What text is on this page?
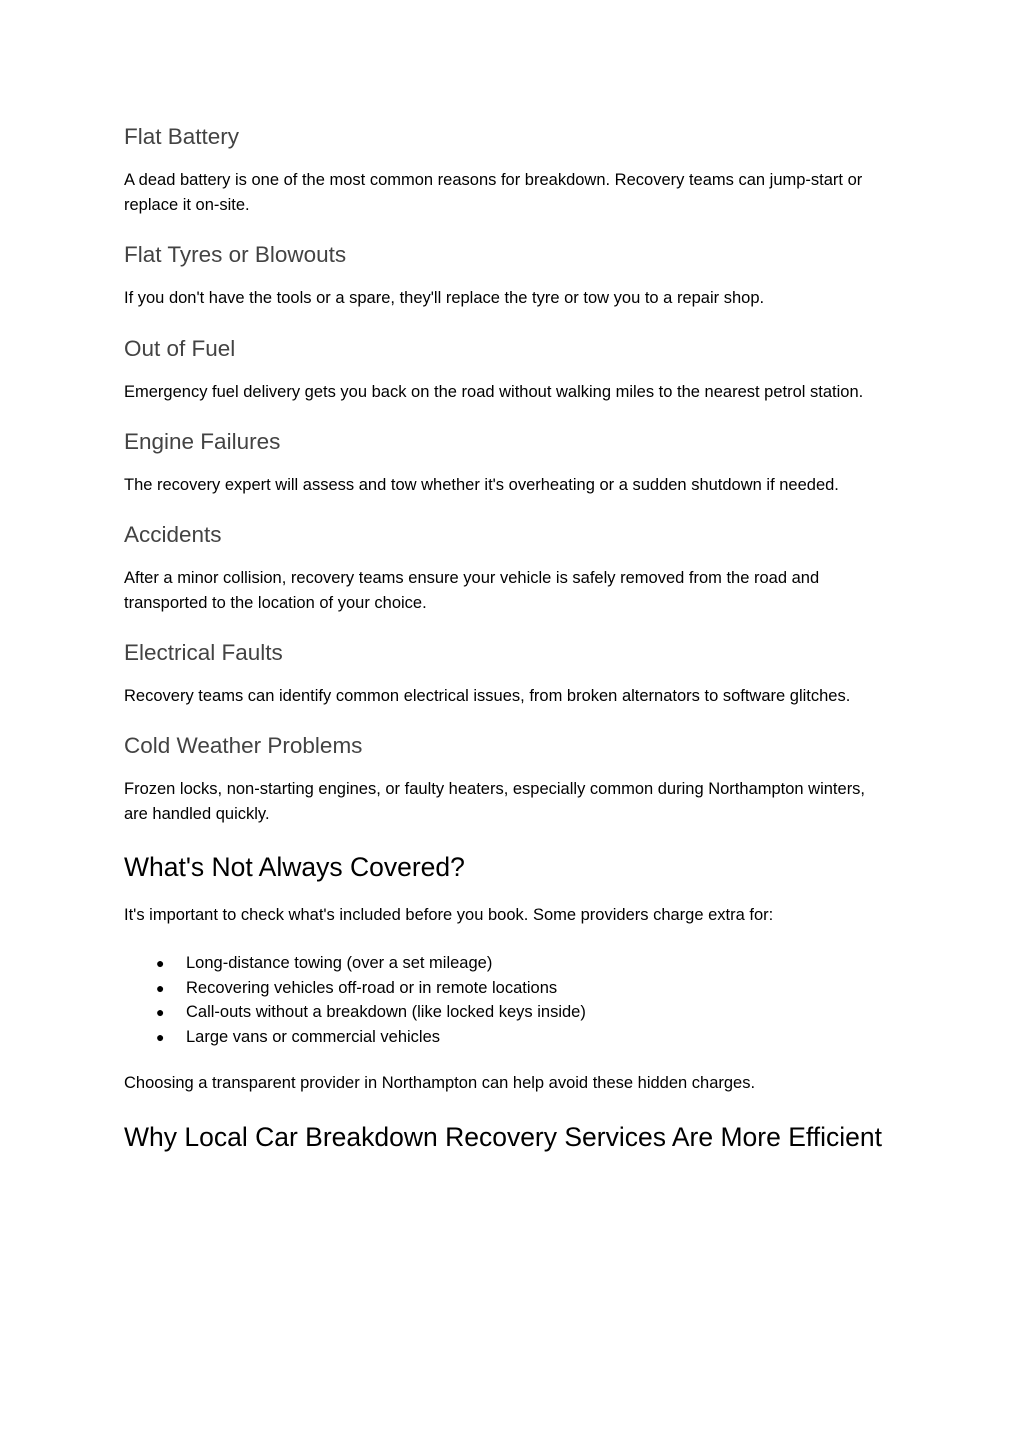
Flat Battery

A dead battery is one of the most common reasons for breakdown. Recovery teams can jump-start or replace it on-site.

Flat Tyres or Blowouts

If you don't have the tools or a spare, they'll replace the tyre or tow you to a repair shop.

Out of Fuel

Emergency fuel delivery gets you back on the road without walking miles to the nearest petrol station.

Engine Failures

The recovery expert will assess and tow whether it's overheating or a sudden shutdown if needed.

Accidents

After a minor collision, recovery teams ensure your vehicle is safely removed from the road and transported to the location of your choice.

Electrical Faults

Recovery teams can identify common electrical issues, from broken alternators to software glitches.

Cold Weather Problems

Frozen locks, non-starting engines, or faulty heaters, especially common during Northampton winters, are handled quickly.

What's Not Always Covered?

It's important to check what's included before you book. Some providers charge extra for:

● Long-distance towing (over a set mileage)
● Recovering vehicles off-road or in remote locations
● Call-outs without a breakdown (like locked keys inside)
● Large vans or commercial vehicles

Choosing a transparent provider in Northampton can help avoid these hidden charges.

Why Local Car Breakdown Recovery Services Are More Efficient
